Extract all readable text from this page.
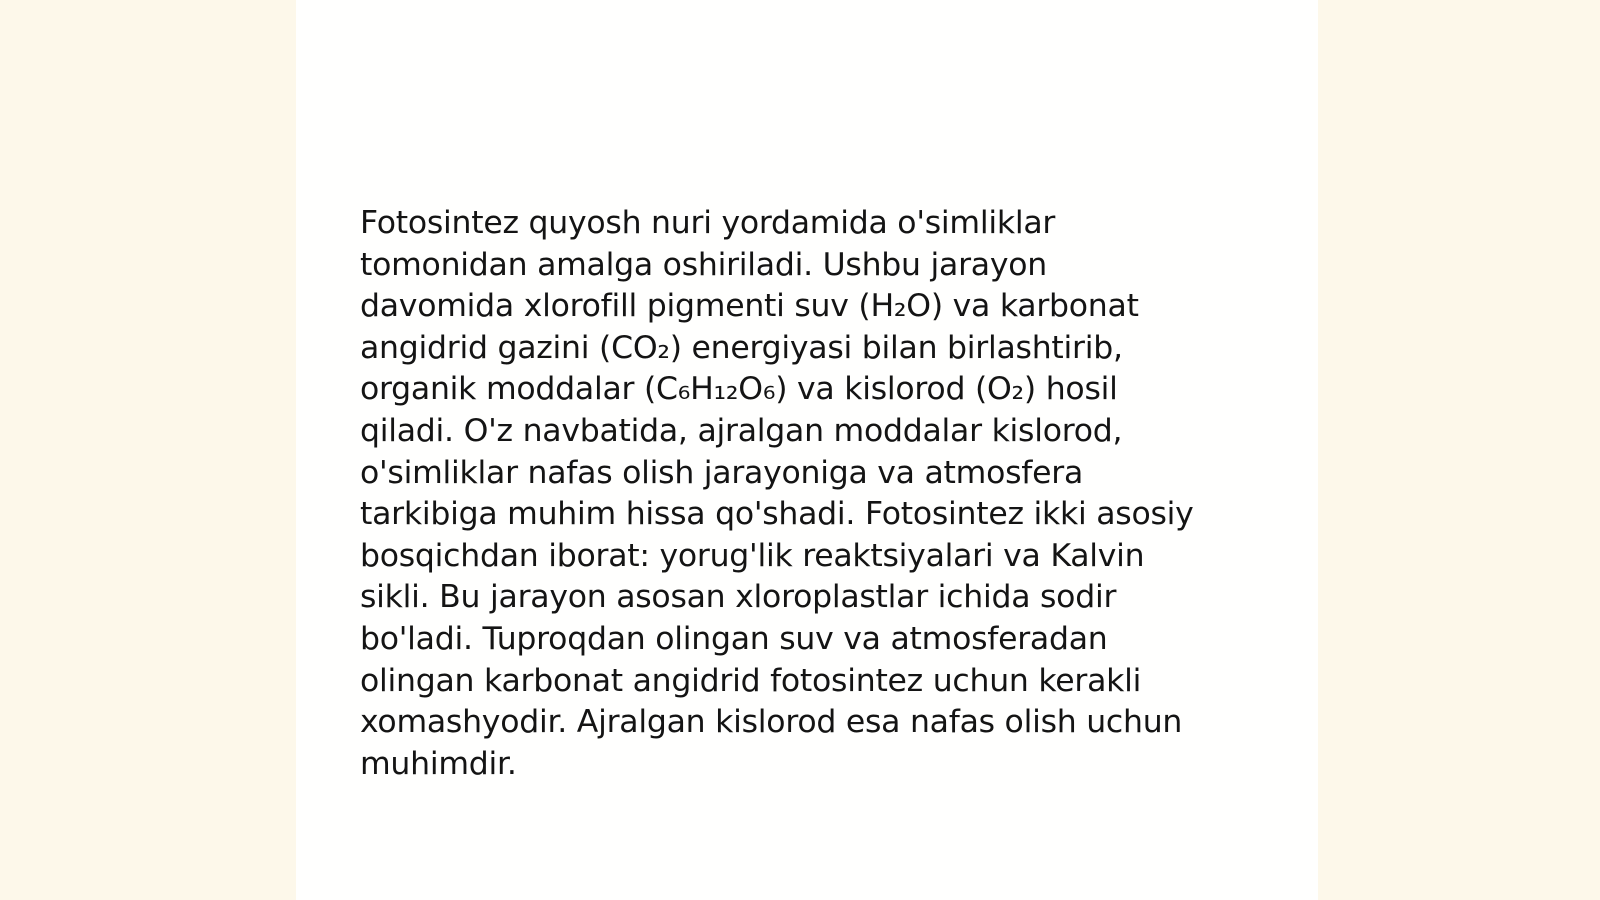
Fotosintez quyosh nuri yordamida o'simliklar
tomonidan amalga oshiriladi. Ushbu jarayon
davomida xlorofill pigmenti suv (H₂O) va karbonat
angidrid gazini (CO₂) energiyasi bilan birlashtirib,
organik moddalar (C₆H₁₂O₆) va kislorod (O₂) hosil
qiladi. O'z navbatida, ajralgan moddalar kislorod,
o'simliklar nafas olish jarayoniga va atmosfera
tarkibiga muhim hissa qo'shadi. Fotosintez ikki asosiy
bosqichdan iborat: yorug'lik reaktsiyalari va Kalvin
sikli. Bu jarayon asosan xloroplastlar ichida sodir
bo'ladi. Tuproqdan olingan suv va atmosferadan
olingan karbonat angidrid fotosintez uchun kerakli
xomashyodir. Ajralgan kislorod esa nafas olish uchun
muhimdir.
